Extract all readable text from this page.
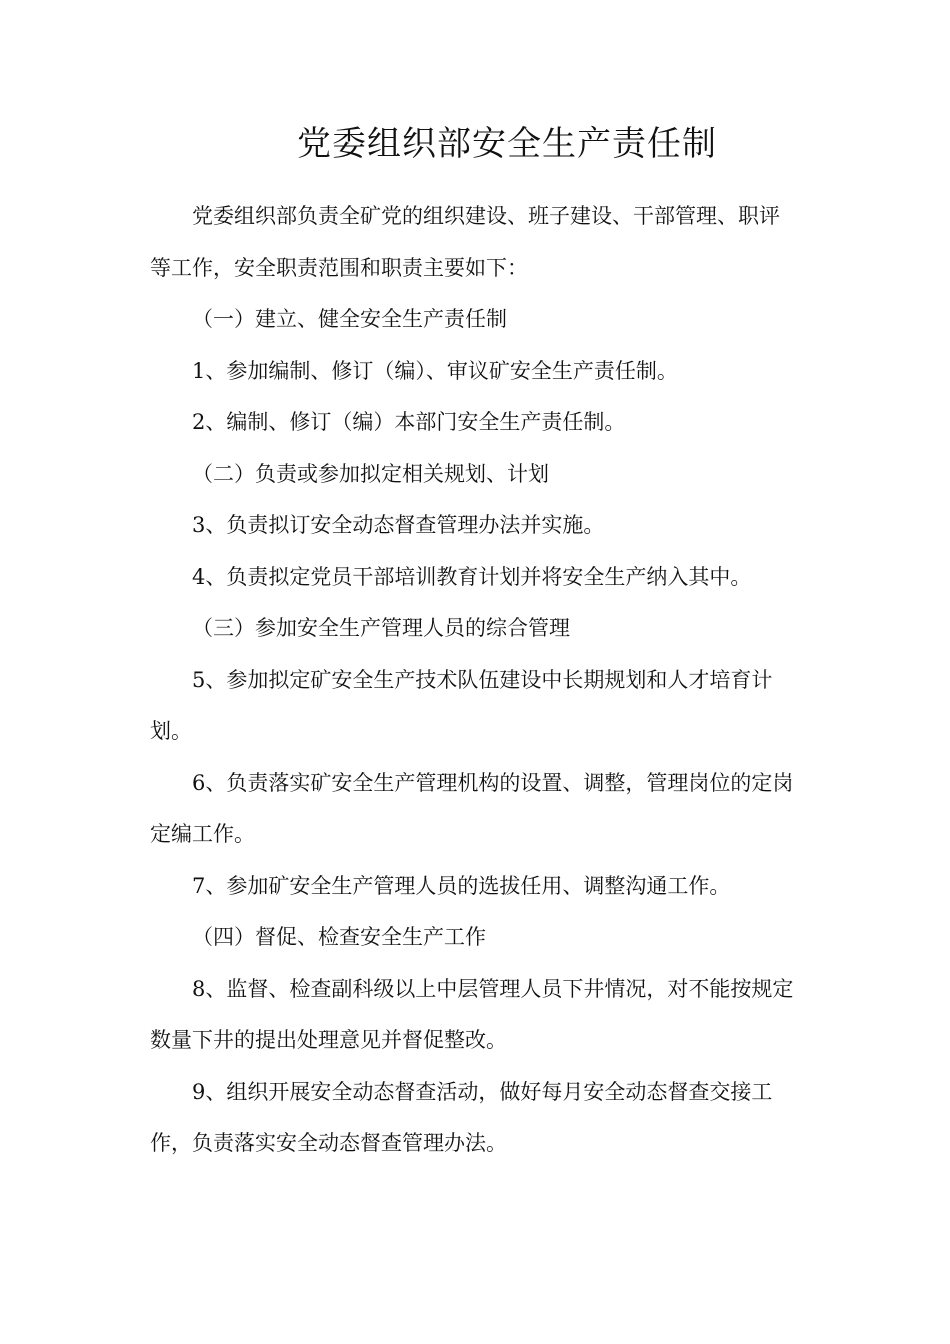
党委组织部安全生产责任制

党委组织部负责全矿党的组织建设、班子建设、干部管理、职评等工作，安全职责范围和职责主要如下：

（一）建立、健全安全生产责任制

1、参加编制、修订（编）、审议矿安全生产责任制。

2、编制、修订（编）本部门安全生产责任制。

（二）负责或参加拟定相关规划、计划

3、负责拟订安全动态督查管理办法并实施。

4、负责拟定党员干部培训教育计划并将安全生产纳入其中。

（三）参加安全生产管理人员的综合管理

5、参加拟定矿安全生产技术队伍建设中长期规划和人才培育计划。

6、负责落实矿安全生产管理机构的设置、调整，管理岗位的定岗定编工作。

7、参加矿安全生产管理人员的选拔任用、调整沟通工作。

（四）督促、检查安全生产工作

8、监督、检查副科级以上中层管理人员下井情况，对不能按规定数量下井的提出处理意见并督促整改。

9、组织开展安全动态督查活动，做好每月安全动态督查交接工作，负责落实安全动态督查管理办法。
